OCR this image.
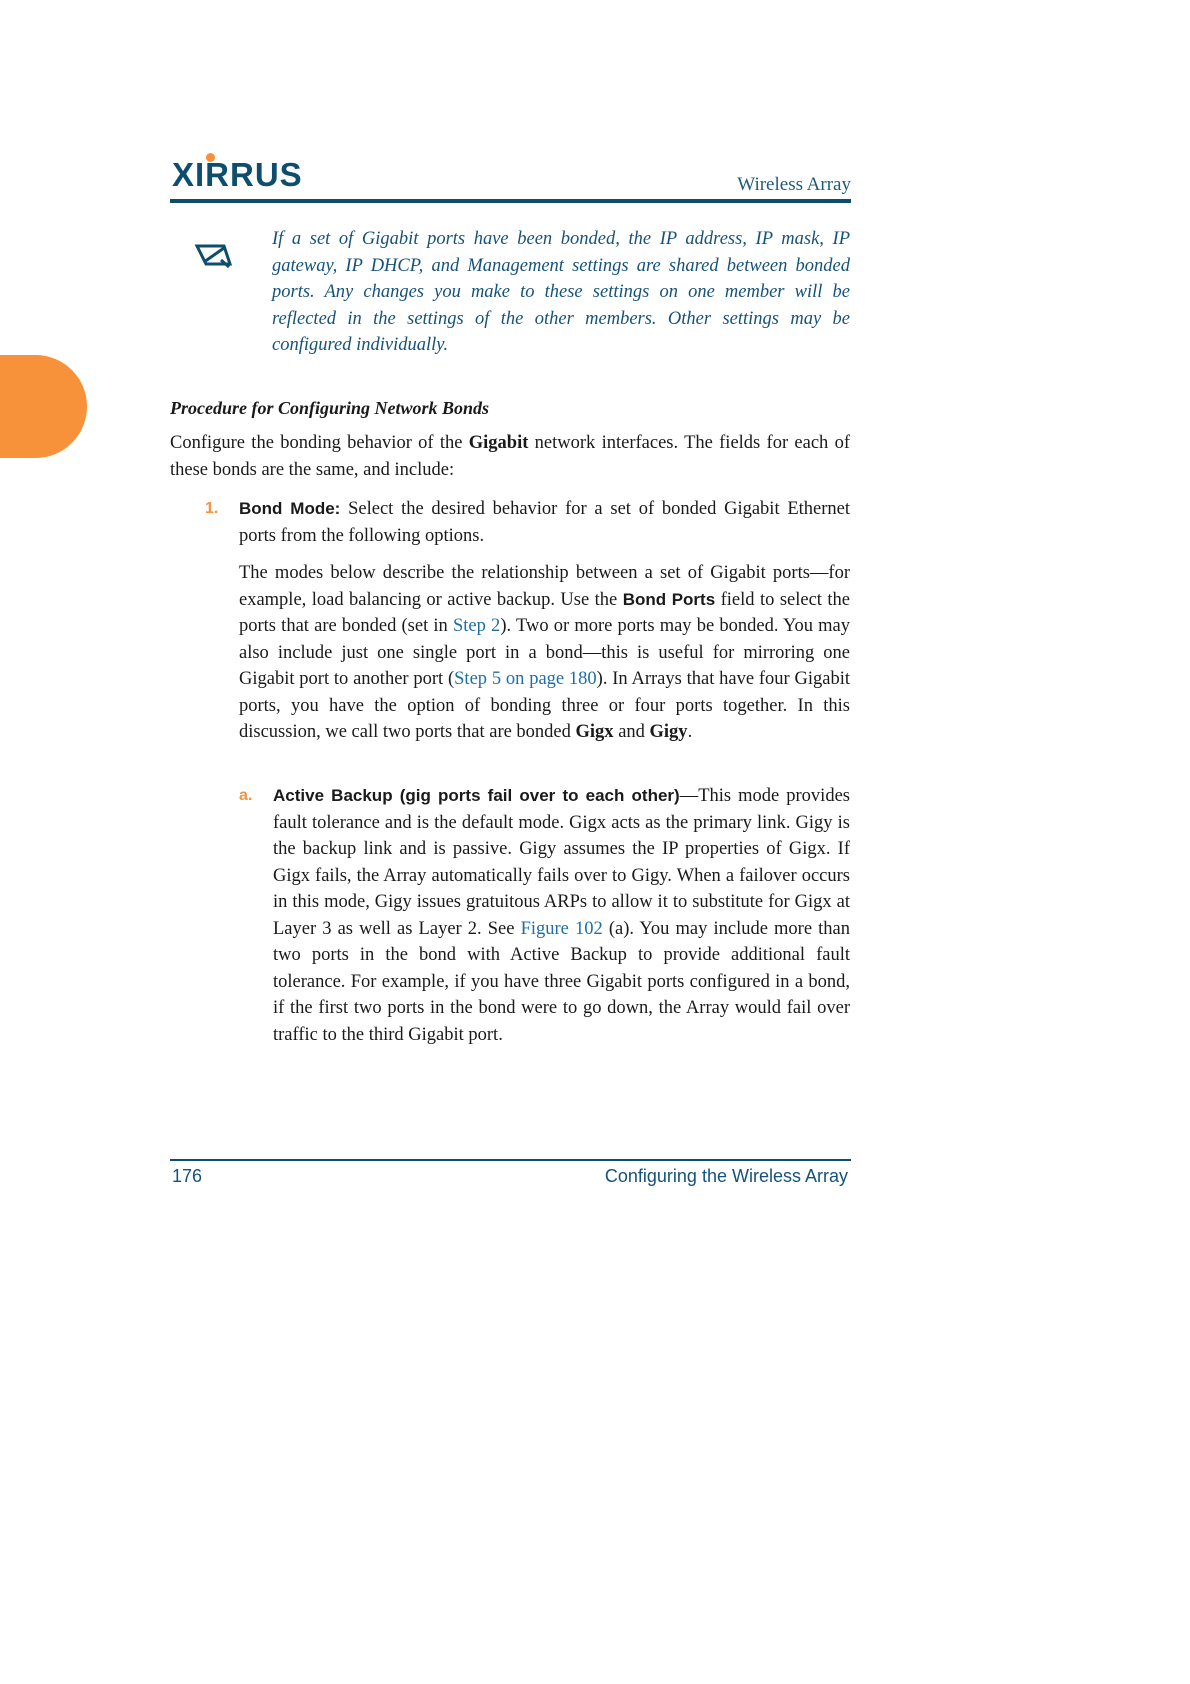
XIRRUS	Wireless Array

If a set of Gigabit ports have been bonded, the IP address, IP mask, IP gateway, IP DHCP, and Management settings are shared between bonded ports. Any changes you make to these settings on one member will be reflected in the settings of the other members. Other settings may be configured individually.

Procedure for Configuring Network Bonds

Configure the bonding behavior of the Gigabit network interfaces. The fields for each of these bonds are the same, and include:

1. Bond Mode: Select the desired behavior for a set of bonded Gigabit Ethernet ports from the following options.

The modes below describe the relationship between a set of Gigabit ports—for example, load balancing or active backup. Use the Bond Ports field to select the ports that are bonded (set in Step 2). Two or more ports may be bonded. You may also include just one single port in a bond—this is useful for mirroring one Gigabit port to another port (Step 5 on page 180). In Arrays that have four Gigabit ports, you have the option of bonding three or four ports together. In this discussion, we call two ports that are bonded Gigx and Gigy.

a. Active Backup (gig ports fail over to each other)—This mode provides fault tolerance and is the default mode. Gigx acts as the primary link. Gigy is the backup link and is passive. Gigy assumes the IP properties of Gigx. If Gigx fails, the Array automatically fails over to Gigy. When a failover occurs in this mode, Gigy issues gratuitous ARPs to allow it to substitute for Gigx at Layer 3 as well as Layer 2. See Figure 102 (a). You may include more than two ports in the bond with Active Backup to provide additional fault tolerance. For example, if you have three Gigabit ports configured in a bond, if the first two ports in the bond were to go down, the Array would fail over traffic to the third Gigabit port.

176	Configuring the Wireless Array
